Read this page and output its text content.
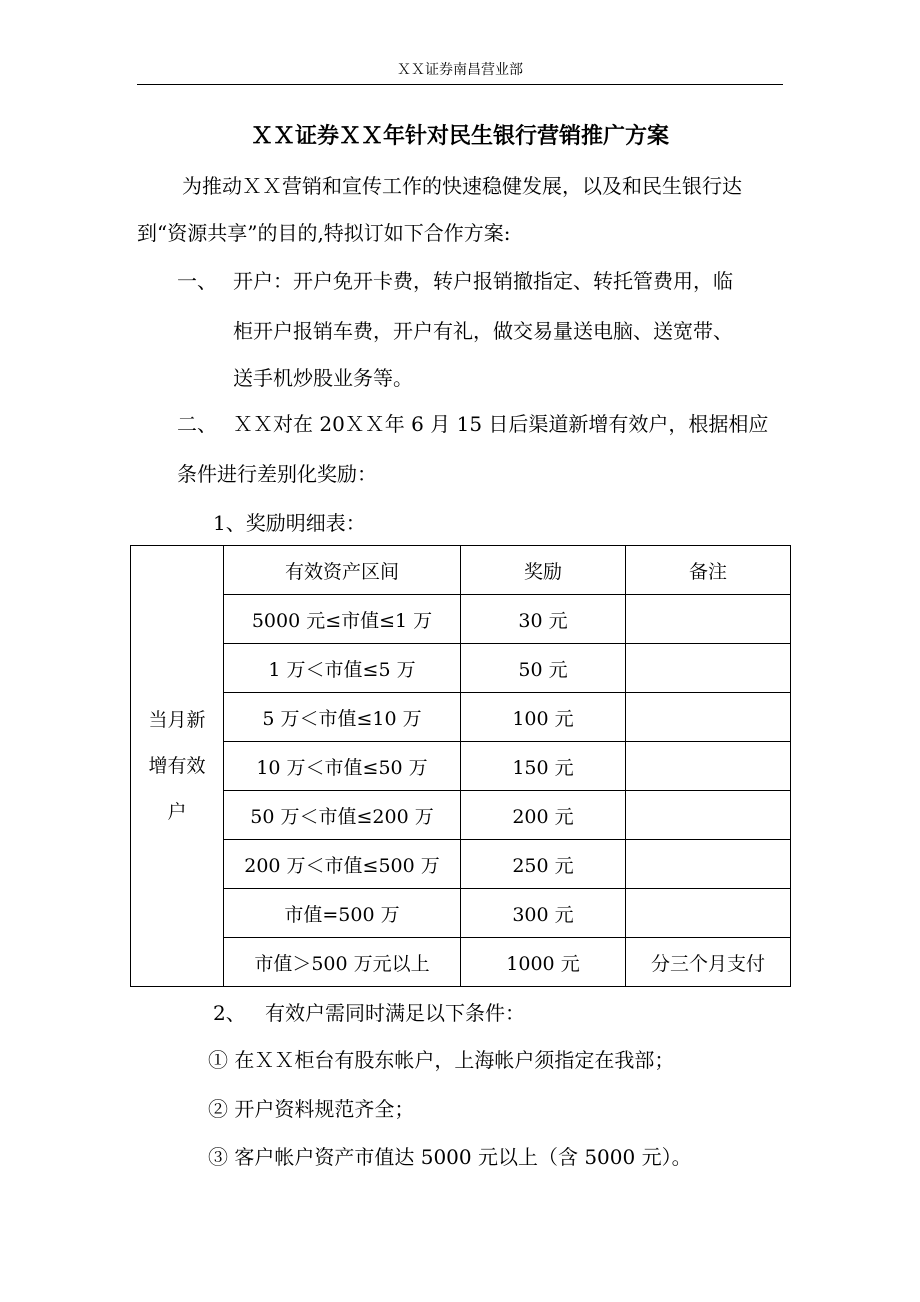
ＸＸ证券南昌营业部
ＸＸ证券ＸＸ年针对民生银行营销推广方案
为推动ＸＸ营销和宣传工作的快速稳健发展，以及和民生银行达
到“资源共享”的目的,特拟订如下合作方案:
一、 开户：开户免开卡费，转户报销撤指定、转托管费用，临
柜开户报销车费，开户有礼，做交易量送电脑、送宽带、
送手机炒股业务等。
二、 ＸＸ对在 20ＸＸ年 6 月 15 日后渠道新增有效户，根据相应
条件进行差别化奖励：
1、奖励明细表：
当月新
增有效
户	有效资产区间	奖励	备注
	5000 元≤市值≤1 万	30 元	
	1 万＜市值≤5 万	50 元	
	5 万＜市值≤10 万	100 元	
	10 万＜市值≤50 万	150 元	
	50 万＜市值≤200 万	200 元	
	200 万＜市值≤500 万	250 元	
	市值=500 万	300 元	
	市值＞500 万元以上	1000 元	分三个月支付
2、 有效户需同时满足以下条件：
① 在ＸＸ柜台有股东帐户，上海帐户须指定在我部；
② 开户资料规范齐全；
③ 客户帐户资产市值达 5000 元以上（含 5000 元）。
